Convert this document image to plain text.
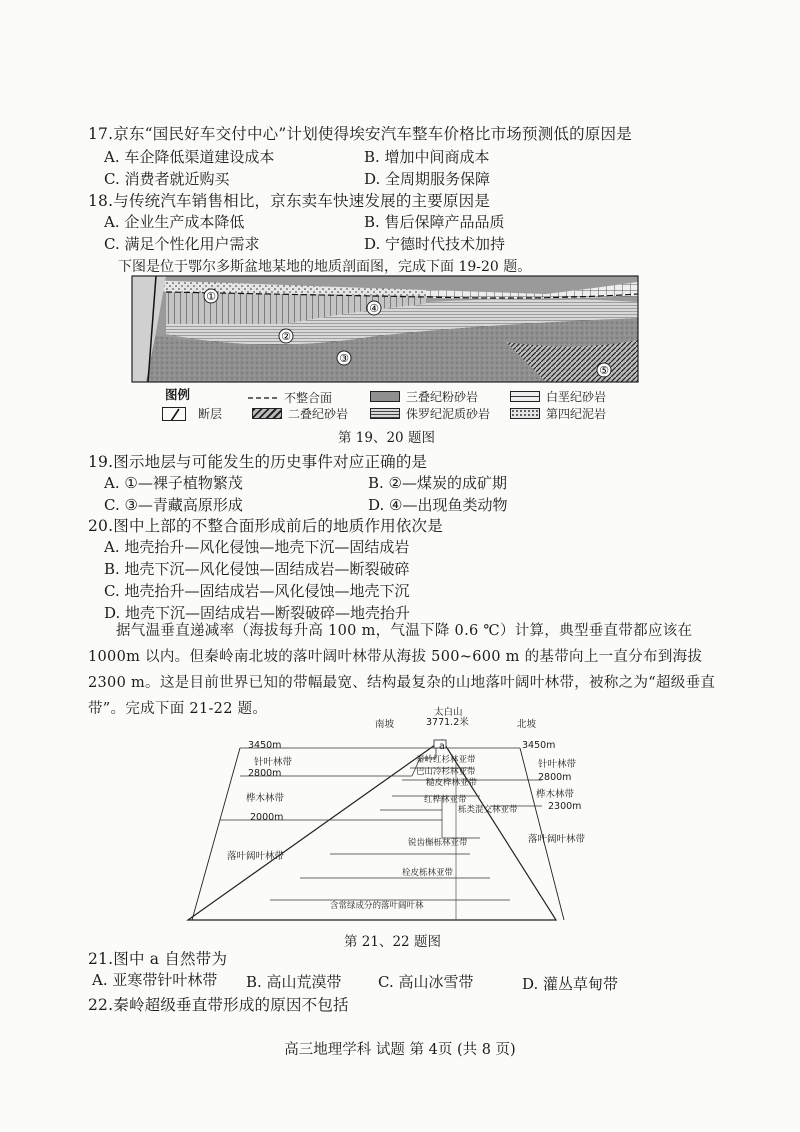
17.京东“国民好车交付中心”计划使得埃安汽车整车价格比市场预测低的原因是
A. 车企降低渠道建设成本	B. 增加中间商成本
C. 消费者就近购买	D. 全周期服务保障
18.与传统汽车销售相比，京东卖车快速发展的主要原因是
A. 企业生产成本降低	B. 售后保障产品品质
C. 满足个性化用户需求	D. 宁德时代技术加持
下图是位于鄂尔多斯盆地某地的地质剖面图，完成下面 19-20 题。
①
②
③
④
⑤
图例	不整合面	三叠纪粉砂岩	白垩纪砂岩
断层	二叠纪砂岩	侏罗纪泥质砂岩	第四纪泥岩
第 19、20 题图
19.图示地层与可能发生的历史事件对应正确的是
A. ①—裸子植物繁茂	B. ②—煤炭的成矿期
C. ③—青藏高原形成	D. ④—出现鱼类动物
20.图中上部的不整合面形成前后的地质作用依次是
A. 地壳抬升—风化侵蚀—地壳下沉—固结成岩
B. 地壳下沉—风化侵蚀—固结成岩—断裂破碎
C. 地壳抬升—固结成岩—风化侵蚀—地壳下沉
D. 地壳下沉—固结成岩—断裂破碎—地壳抬升
据气温垂直递减率（海拔每升高 100 m，气温下降 0.6 ℃）计算，典型垂直带都应该在 1000m 以内。但秦岭南北坡的落叶阔叶林带从海拔 500~600 m 的基带向上一直分布到海拔 2300 m。这是目前世界已知的带幅最宽、结构最复杂的山地落叶阔叶林带，被称之为“超级垂直带”。完成下面 21-22 题。
南坡	北坡
太白山
3771.2米
a
3450m
针叶林带
2800m
桦木林带
2000m
落叶阔叶林带
3450m
针叶林带
2800m
桦木林带
2300m
落叶阔叶林带
秦岭红杉林亚带
巴山冷杉林亚带
糙皮桦林亚带
红桦林亚带
栎类混交林亚带
锐齿槲栎林亚带
栓皮栎林亚带
含常绿成分的落叶阔叶林
第 21、22 题图
21.图中 a 自然带为
A. 亚寒带针叶林带 B. 高山荒漠带 C. 高山冰雪带	D. 灌丛草甸带
22.秦岭超级垂直带形成的原因不包括
高三地理学科 试题 第 4页 (共 8 页)
